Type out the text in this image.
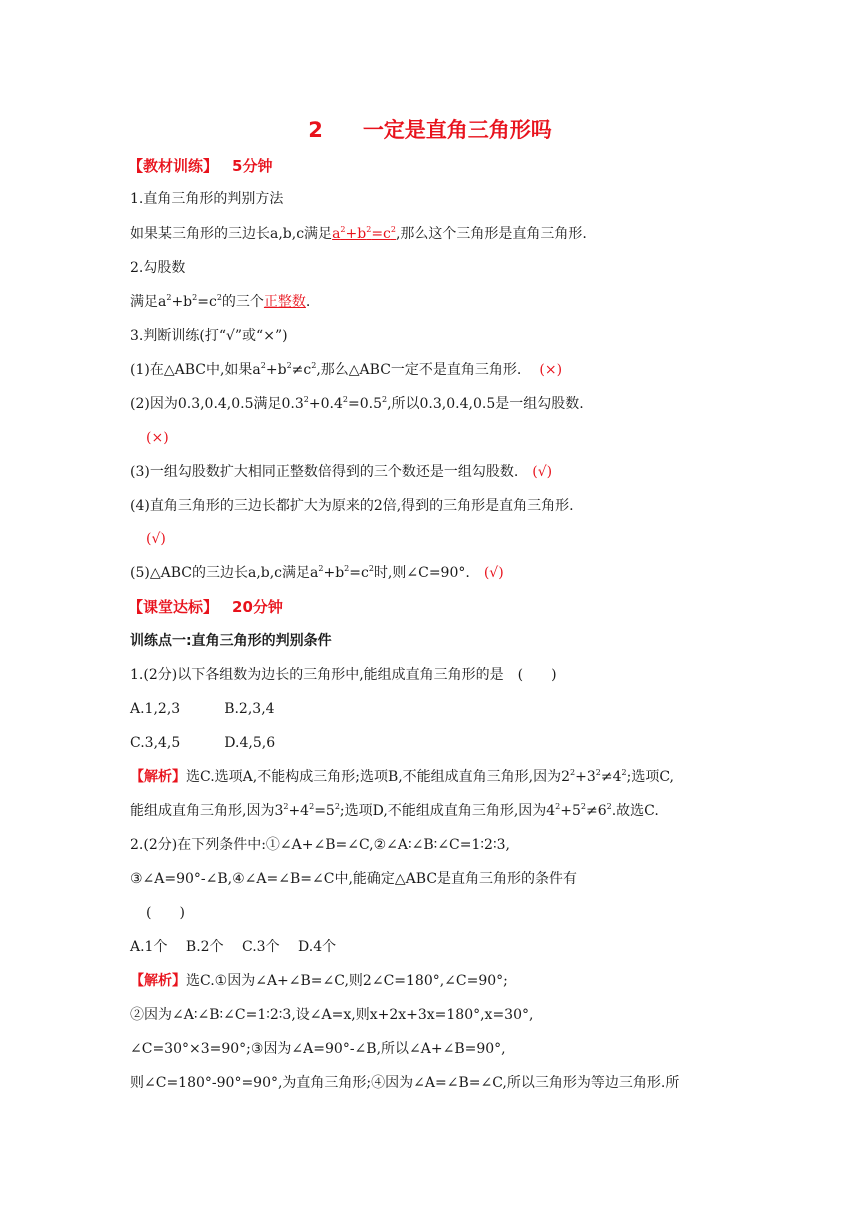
2 一定是直角三角形吗
【教材训练】 5分钟
1.直角三角形的判别方法
如果某三角形的三边长a,b,c满足$a^2+b^2=c^2$,那么这个三角形是直角三角形.
2.勾股数
满足$a^2+b^2=c^2$的三个正整数.
3.判断训练(打“√”或“×”)
(1)在△ABC中,如果$a^2+b^2\ne c^2$,那么△ABC一定不是直角三角形. (×)
(2)因为0.3,0.4,0.5满足$0.3^2+0.4^2=0.5^2$,所以0.3,0.4,0.5是一组勾股数.
(×)
(3)一组勾股数扩大相同正整数倍得到的三个数还是一组勾股数. (√)
(4)直角三角形的三边长都扩大为原来的2倍,得到的三角形是直角三角形.
(√)
(5)△ABC的三边长a,b,c满足$a^2+b^2=c^2$时,则∠C=90°. (√)
【课堂达标】 20分钟
训练点一:直角三角形的判别条件
1.(2分)以下各组数为边长的三角形中,能组成直角三角形的是　(　　)
A.1,2,3	B.2,3,4
C.3,4,5	D.4,5,6
【解析】选C.选项A,不能构成三角形;选项B,不能组成直角三角形,因为$2^2+3^2\ne 4^2$;选项C,
能组成直角三角形,因为$3^2+4^2=5^2$;选项D,不能组成直角三角形,因为$4^2+5^2\ne 6^2$.故选C.
2.(2分)在下列条件中:①∠A+∠B=∠C,②∠A∶∠B∶∠C=1∶2∶3,
③∠A=90°-∠B,④∠A=∠B=∠C中,能确定△ABC是直角三角形的条件有
(　　)
A.1个　 B.2个　 C.3个　 D.4个
【解析】选C.①因为∠A+∠B=∠C,则2∠C=180°,∠C=90°;
②因为∠A∶∠B∶∠C=1∶2∶3,设∠A=x,则x+2x+3x=180°,x=30°,
∠C=30°×3=90°;③因为∠A=90°-∠B,所以∠A+∠B=90°,
则∠C=180°-90°=90°,为直角三角形;④因为∠A=∠B=∠C,所以三角形为等边三角形.所
